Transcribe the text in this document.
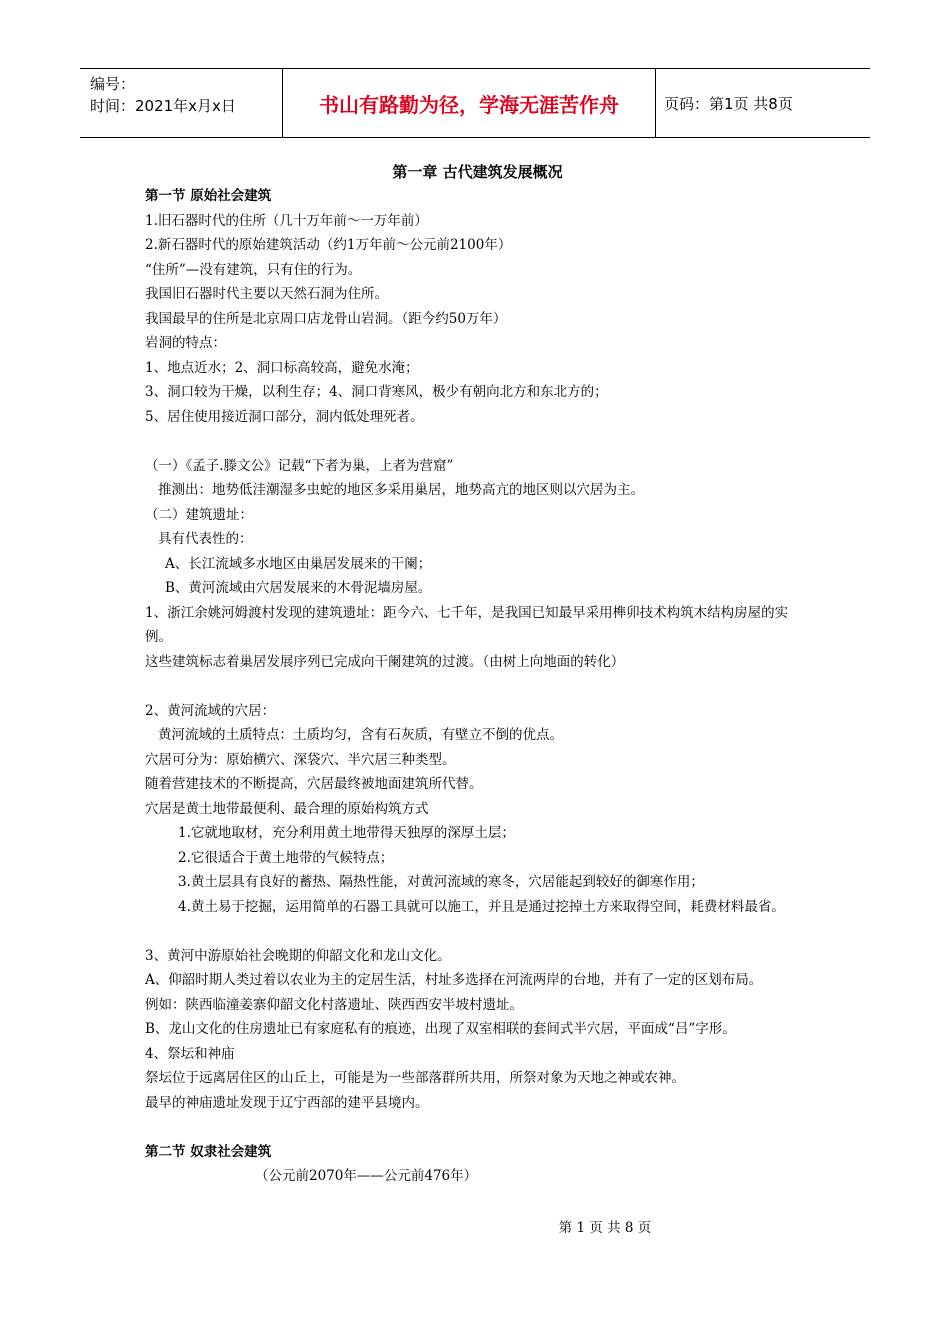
编号：
时间：2021年x月x日	书山有路勤为径，学海无涯苦作舟	页码：第1页 共8页
第一章 古代建筑发展概况
第一节 原始社会建筑
1.旧石器时代的住所（几十万年前～一万年前）
2.新石器时代的原始建筑活动（约1万年前～公元前2100年）
“住所”—没有建筑，只有住的行为。
我国旧石器时代主要以天然石洞为住所。
我国最早的住所是北京周口店龙骨山岩洞。（距今约50万年）
岩洞的特点：
1、地点近水；2、洞口标高较高，避免水淹；
3、洞口较为干燥，以利生存；4、洞口背寒风，极少有朝向北方和东北方的；
5、居住使用接近洞口部分，洞内低处理死者。
（一）《孟子.滕文公》记载“下者为巢，上者为营窟”
推测出：地势低洼潮湿多虫蛇的地区多采用巢居，地势高亢的地区则以穴居为主。
（二）建筑遗址：
具有代表性的：
A、长江流域多水地区由巢居发展来的干阑；
B、黄河流域由穴居发展来的木骨泥墙房屋。
1、浙江余姚河姆渡村发现的建筑遗址：距今六、七千年，是我国已知最早采用榫卯技术构筑木结构房屋的实例。
这些建筑标志着巢居发展序列已完成向干阑建筑的过渡。（由树上向地面的转化）
2、黄河流域的穴居：
黄河流域的土质特点：土质均匀，含有石灰质，有壁立不倒的优点。
穴居可分为：原始横穴、深袋穴、半穴居三种类型。
随着营建技术的不断提高，穴居最终被地面建筑所代替。
穴居是黄土地带最便利、最合理的原始构筑方式
1.它就地取材，充分利用黄土地带得天独厚的深厚土层；
2.它很适合于黄土地带的气候特点；
3.黄土层具有良好的蓄热、隔热性能，对黄河流域的寒冬，穴居能起到较好的御寒作用；
4.黄土易于挖掘，运用简单的石器工具就可以施工，并且是通过挖掉土方来取得空间，耗费材料最省。
3、黄河中游原始社会晚期的仰韶文化和龙山文化。
A、仰韶时期人类过着以农业为主的定居生活，村址多选择在河流两岸的台地，并有了一定的区划布局。
例如：陕西临潼姜寨仰韶文化村落遗址、陕西西安半坡村遗址。
B、龙山文化的住房遗址已有家庭私有的痕迹，出现了双室相联的套间式半穴居，平面成“吕”字形。
4、祭坛和神庙
祭坛位于远离居住区的山丘上，可能是为一些部落群所共用，所祭对象为天地之神或农神。
最早的神庙遗址发现于辽宁西部的建平县境内。
第二节 奴隶社会建筑
（公元前2070年——公元前476年）
第 1 页 共 8 页
